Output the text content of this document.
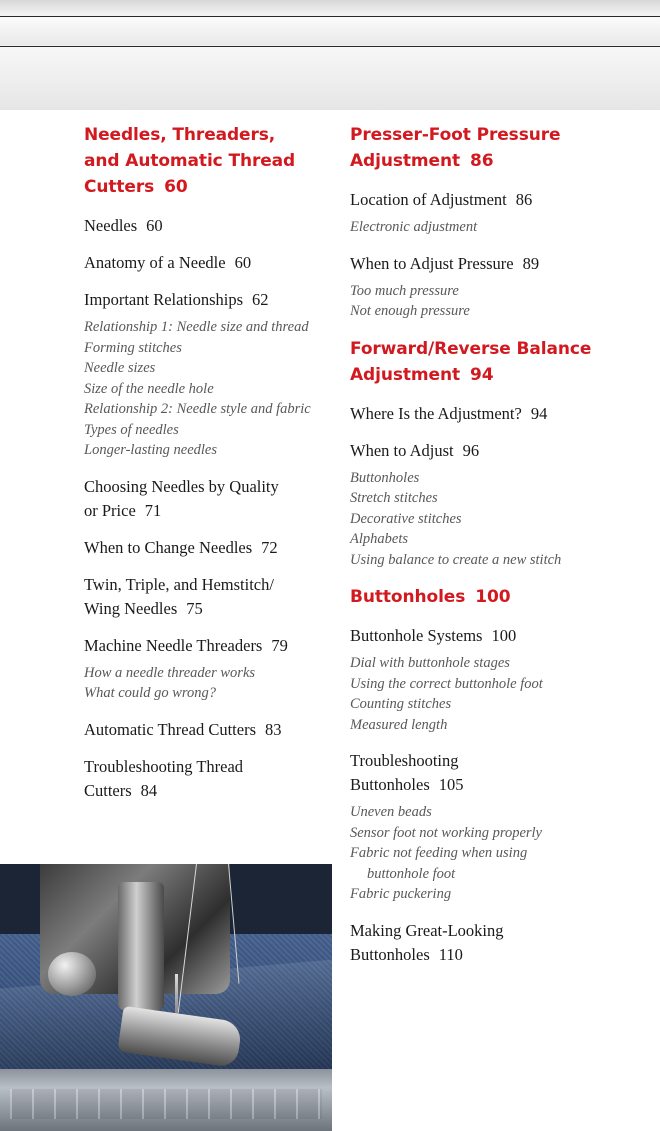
Needles, Threaders,
and Automatic Thread
Cutters 60

Needles 60

Anatomy of a Needle 60

Important Relationships 62

Relationship 1: Needle size and thread
Forming stitches
Needle sizes
Size of the needle hole
Relationship 2: Needle style and fabric
Types of needles
Longer-lasting needles

Choosing Needles by Quality
or Price 71

When to Change Needles 72

Twin, Triple, and Hemstitch/
Wing Needles 75

Machine Needle Threaders 79

How a needle threader works
What could go wrong?

Automatic Thread Cutters 83

Troubleshooting Thread
Cutters 84

Presser-Foot Pressure
Adjustment 86

Location of Adjustment 86

Electronic adjustment

When to Adjust Pressure 89

Too much pressure
Not enough pressure
Forward/Reverse Balance
Adjustment 94

Where Is the Adjustment? 94

When to Adjust 96

Buttonholes
Stretch stitches
Decorative stitches
Alphabets
Using balance to create a new stitch
Buttonholes 100

Buttonhole Systems 100

Dial with buttonhole stages
Using the correct buttonhole foot
Counting stitches
Measured length

Troubleshooting
Buttonholes 105

Uneven beads
Sensor foot not working properly
Fabric not feeding when using
buttonhole foot
Fabric puckering

Making Great-Looking
Buttonholes 110
